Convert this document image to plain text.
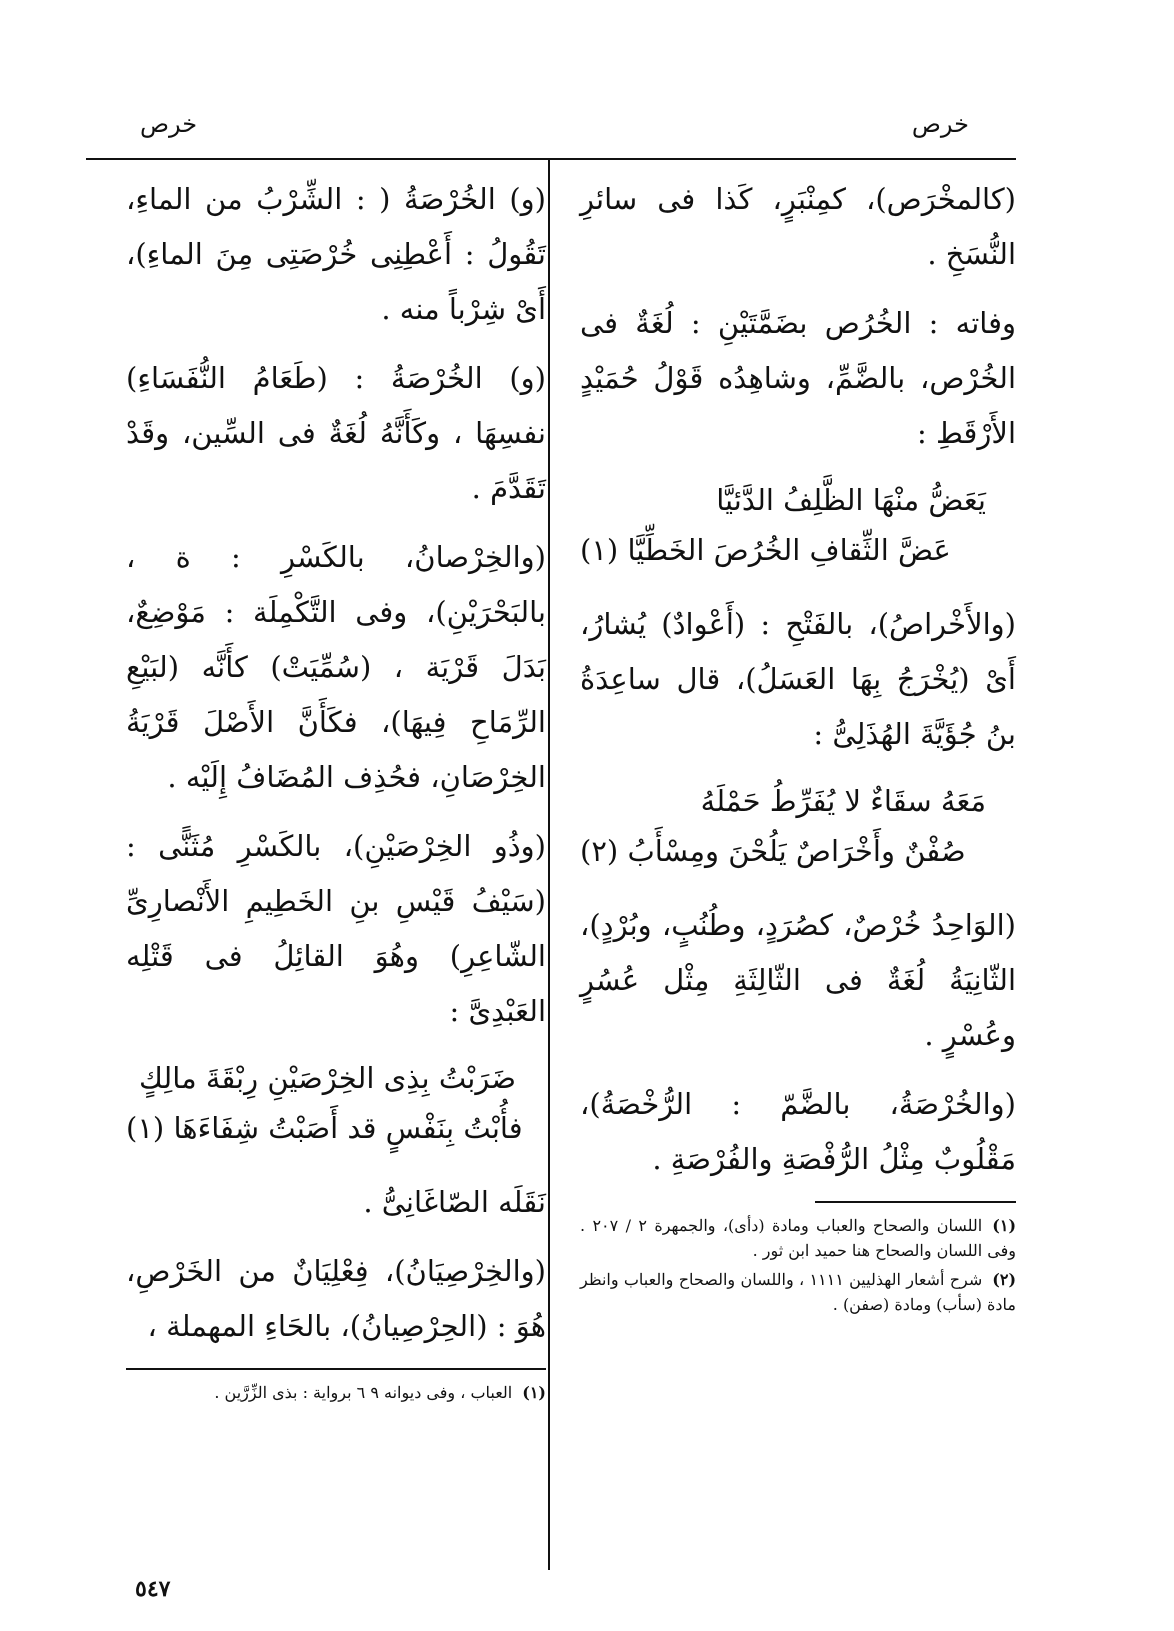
خرص
خرص

(كالمخْرَص)، كمِنْبَرٍ، كَذا فى سائرِ النُّسَخِ .

وفاته : الخُرُص بضَمَّتَيْنِ : لُغَةٌ فى الخُرْص، بالضَّمِّ، وشاهِدُه قَوْلُ حُمَيْدٍ الأَرْقَطِ :

يَعَضُّ منْهَا الظَّلِفُ الدَّئيَّا
عَضَّ الثِّقافِ الخُرُصَ الخَطِّيَّا (١)

(والأَخْراصُ)، بالفَتْحِ : (أَعْوادٌ) يُشارُ، أَىْ (يُخْرَجُ بِهَا العَسَلُ)، قال ساعِدَةُ بنُ جُؤَيَّةَ الهُذَلِىُّ :

مَعَهُ سقَاءٌ لا يُفَرِّطُ حَمْلَهُ
صُفْنٌ وأَخْرَاصٌ يَلُحْنَ ومِسْأَبُ (٢)

(الوَاحِدُ خُرْصٌ، كصُرَدٍ، وطُنُبٍ، وبُرْدٍ)، الثّانِيَةُ لُغَةٌ فى الثّالِثَةِ مِثْل عُسُرٍ وعُسْرٍ .

(والخُرْصَةُ، بالضَّمّ : الرُّخْصَةُ)، مَقْلُوبٌ مِثْلُ الرُّفْصَةِ والفُرْصَةِ .

(١)اللسان والصحاح والعباب ومادة (دأى)، والجمهرة ٢ / ٢٠٧ . وفى اللسان والصحاح هنا حميد ابن ثور .

(٢)شرح أشعار الهذليين ١١١١ ، واللسان والصحاح والعباب وانظر مادة (سأب) ومادة (صفن) .

(و) الخُرْصَةُ ( : الشِّرْبُ من الماءِ، تَقُولُ : أَعْطِنِى خُرْصَتِى مِنَ الماءِ)، أَىْ شِرْباً منه .

(و) الخُرْصَةُ : (طَعَامُ النُّفَسَاءِ) نفسِهَا ، وكَأَنَّهُ لُغَةٌ فى السِّين، وقَدْ تَقَدَّمَ .

(والخِرْصانُ، بالكَسْرِ : ة ، بالبَحْرَيْنِ)، وفى التَّكْمِلَة : مَوْضِعٌ، بَدَلَ قَرْيَة ، (سُمِّيَتْ) كأَنَّه (لبَيْعِ الرِّمَاحِ فِيهَا)، فكَأَنَّ الأَصْلَ قَرْيَةُ الخِرْصَانِ، فحُذِف المُضَافُ إِلَيْه .

(وذُو الخِرْصَيْنِ)، بالكَسْرِ مُثَنًّى : (سَيْفُ قَيْسِ بنِ الخَطِيمِ الأَنْصارِىِّ الشّاعِرِ) وهُوَ القائِلُ فى قَتْلِه العَبْدِىَّ :

ضَرَبْتُ بِذِى الخِرْصَيْنِ رِبْقَةَ مالِكٍ
فأُبْتُ بِنَفْسٍ قد أَصَبْتُ شِفَاءَهَا (١)

نَقَلَه الصّاغَانِىُّ .

(والخِرْصِيَانُ)، فِعْلِيَانٌ من الخَرْصِ، هُوَ : (الحِرْصِيانُ)، بالحَاءِ المهملة ،

(١)العباب ، وفى ديوانه ٩ ٦ برواية : بذى الزِّرَّين .

٥٤٧
